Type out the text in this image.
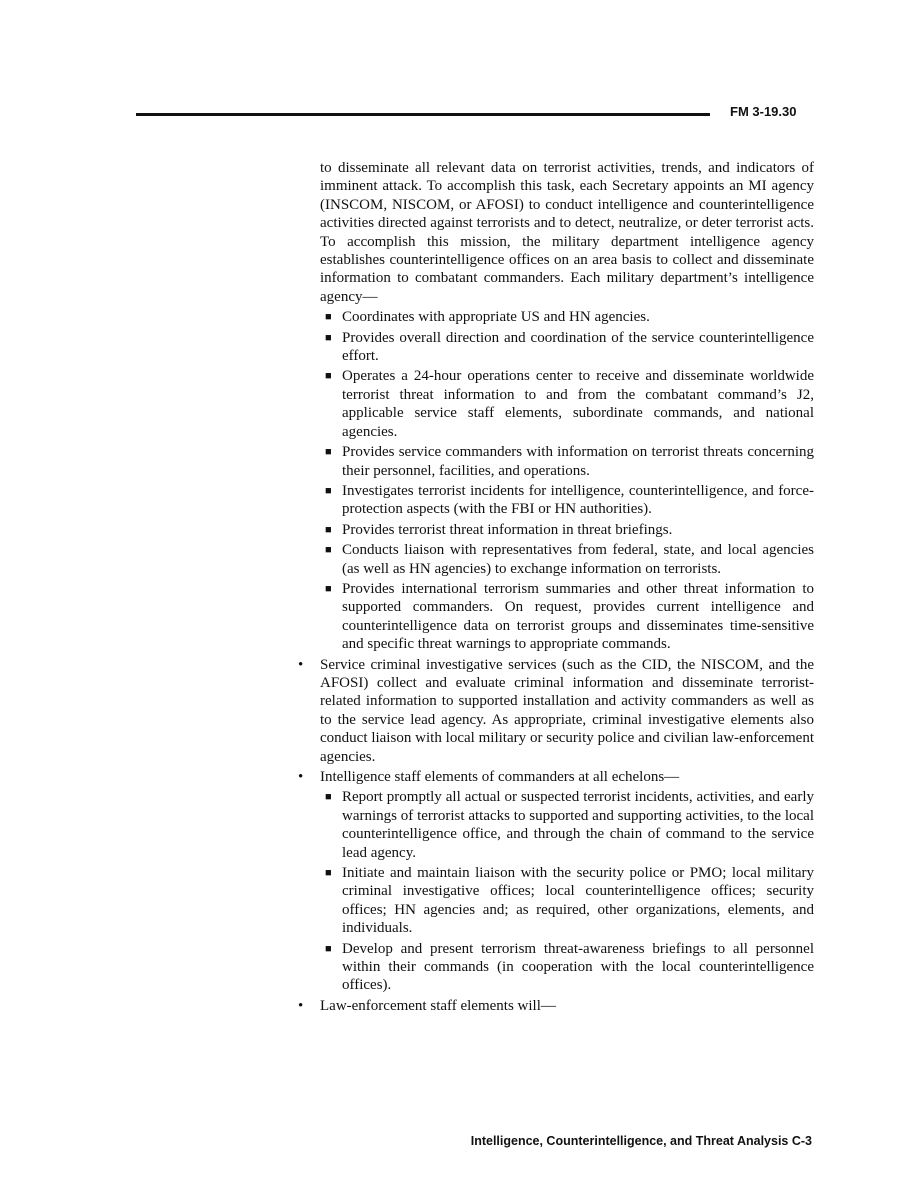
FM 3-19.30

to disseminate all relevant data on terrorist activities, trends, and indicators of imminent attack. To accomplish this task, each Secretary appoints an MI agency (INSCOM, NISCOM, or AFOSI) to conduct intelligence and counterintelligence activities directed against terrorists and to detect, neutralize, or deter terrorist acts. To accomplish this mission, the military department intelligence agency establishes counterintelligence offices on an area basis to collect and disseminate information to combatant commanders. Each military department’s intelligence agency—

■ Coordinates with appropriate US and HN agencies.
■ Provides overall direction and coordination of the service counterintelligence effort.
■ Operates a 24-hour operations center to receive and disseminate worldwide terrorist threat information to and from the combatant command’s J2, applicable service staff elements, subordinate commands, and national agencies.
■ Provides service commanders with information on terrorist threats concerning their personnel, facilities, and operations.
■ Investigates terrorist incidents for intelligence, counterintelligence, and force-protection aspects (with the FBI or HN authorities).
■ Provides terrorist threat information in threat briefings.
■ Conducts liaison with representatives from federal, state, and local agencies (as well as HN agencies) to exchange information on terrorists.
■ Provides international terrorism summaries and other threat information to supported commanders. On request, provides current intelligence and counterintelligence data on terrorist groups and disseminates time-sensitive and specific threat warnings to appropriate commands.
• Service criminal investigative services (such as the CID, the NISCOM, and the AFOSI) collect and evaluate criminal information and disseminate terrorist-related information to supported installation and activity commanders as well as to the service lead agency. As appropriate, criminal investigative elements also conduct liaison with local military or security police and civilian law-enforcement agencies.
• Intelligence staff elements of commanders at all echelons—
■ Report promptly all actual or suspected terrorist incidents, activities, and early warnings of terrorist attacks to supported and supporting activities, to the local counterintelligence office, and through the chain of command to the service lead agency.
■ Initiate and maintain liaison with the security police or PMO; local military criminal investigative offices; local counterintelligence offices; security offices; HN agencies and; as required, other organizations, elements, and individuals.
■ Develop and present terrorism threat-awareness briefings to all personnel within their commands (in cooperation with the local counterintelligence offices).
• Law-enforcement staff elements will—
Intelligence, Counterintelligence, and Threat Analysis C-3
